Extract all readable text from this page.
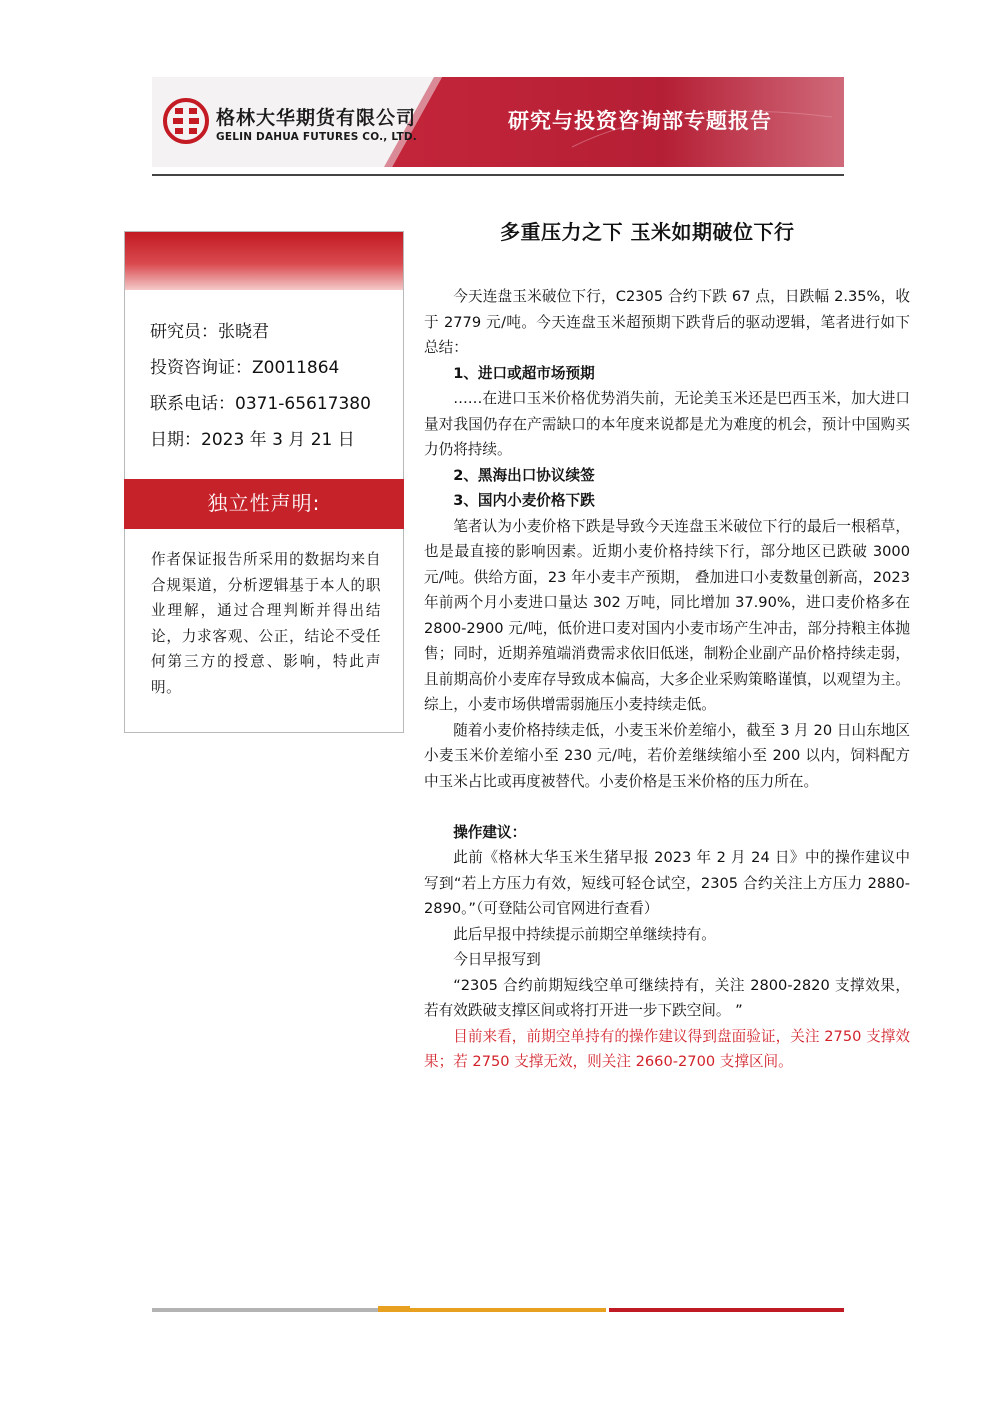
格林大华期货有限公司
GELIN DAHUA FUTURES CO., LTD.
研究与投资咨询部专题报告
研究员：张晓君
投资咨询证：Z0011864
联系电话：0371-65617380
日期：2023 年 3 月 21 日
独立性声明:
作者保证报告所采用的数据均来自合规渠道，分析逻辑基于本人的职业理解，通过合理判断并得出结论，力求客观、公正，结论不受任何第三方的授意、影响，特此声明。
多重压力之下 玉米如期破位下行

今天连盘玉米破位下行，C2305 合约下跌 67 点，日跌幅 2.35%，收于 2779 元/吨。今天连盘玉米超预期下跌背后的驱动逻辑，笔者进行如下总结：

1、进口或超市场预期

……在进口玉米价格优势消失前，无论美玉米还是巴西玉米，加大进口量对我国仍存在产需缺口的本年度来说都是尤为难度的机会，预计中国购买力仍将持续。

2、黑海出口协议续签

3、国内小麦价格下跌

笔者认为小麦价格下跌是导致今天连盘玉米破位下行的最后一根稻草，也是最直接的影响因素。近期小麦价格持续下行，部分地区已跌破 3000 元/吨。供给方面，23 年小麦丰产预期， 叠加进口小麦数量创新高，2023 年前两个月小麦进口量达 302 万吨，同比增加 37.90%，进口麦价格多在 2800-2900 元/吨，低价进口麦对国内小麦市场产生冲击，部分持粮主体抛售；同时，近期养殖端消费需求依旧低迷，制粉企业副产品价格持续走弱，且前期高价小麦库存导致成本偏高，大多企业采购策略谨慎，以观望为主。综上，小麦市场供增需弱施压小麦持续走低。

随着小麦价格持续走低，小麦玉米价差缩小，截至 3 月 20 日山东地区小麦玉米价差缩小至 230 元/吨，若价差继续缩小至 200 以内，饲料配方中玉米占比或再度被替代。小麦价格是玉米价格的压力所在。

操作建议：

此前《格林大华玉米生猪早报 2023 年 2 月 24 日》中的操作建议中写到“若上方压力有效，短线可轻仓试空，2305 合约关注上方压力 2880-2890。”（可登陆公司官网进行查看）

此后早报中持续提示前期空单继续持有。

今日早报写到

“2305 合约前期短线空单可继续持有，关注 2800-2820 支撑效果，若有效跌破支撑区间或将打开进一步下跌空间。 ”

目前来看，前期空单持有的操作建议得到盘面验证，关注 2750 支撑效果；若 2750 支撑无效，则关注 2660-2700 支撑区间。
